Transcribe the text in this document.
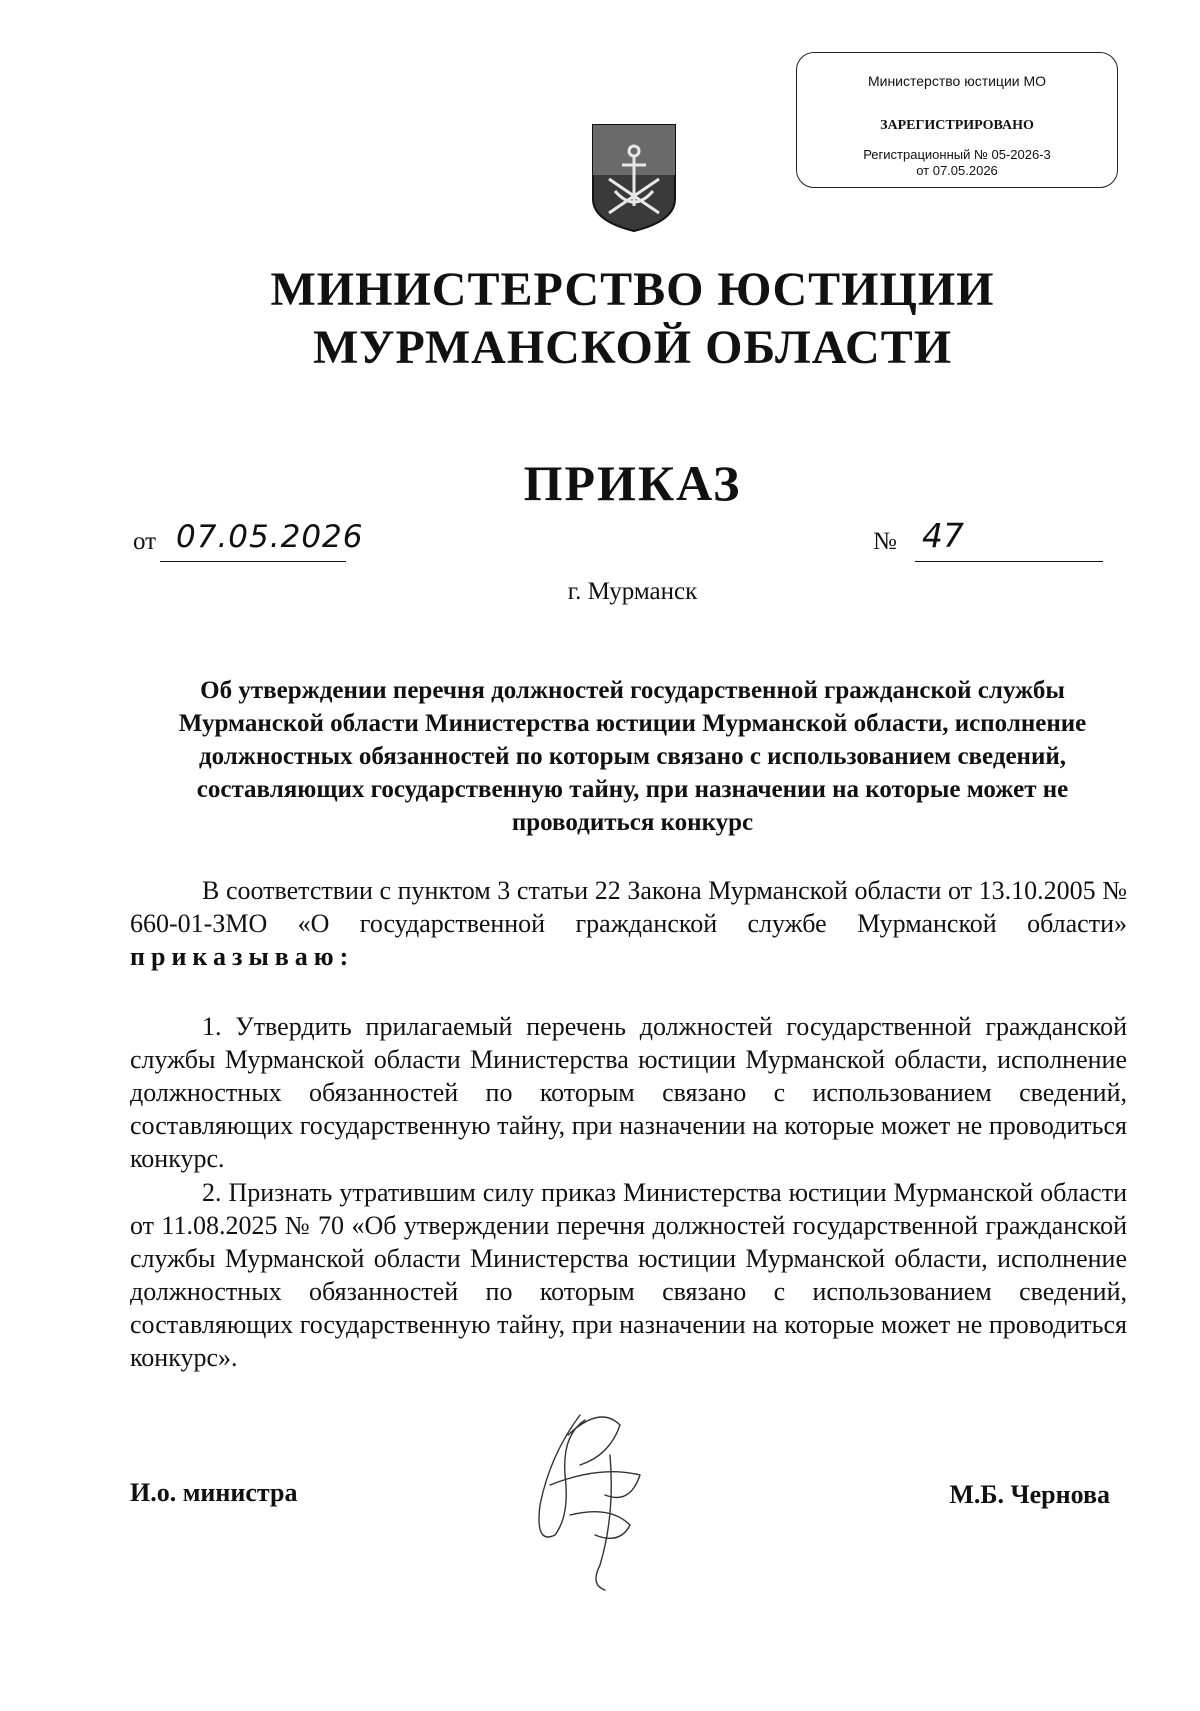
Министерство юстиции МО
ЗАРЕГИСТРИРОВАНО
Регистрационный № 05-2026-3
от 07.05.2026
МИНИСТЕРСТВО ЮСТИЦИИ
МУРМАНСКОЙ ОБЛАСТИ
ПРИКАЗ
от 07.05.2026	№ 47
г. Мурманск
Об утверждении перечня должностей государственной гражданской службы Мурманской области Министерства юстиции Мурманской области, исполнение должностных обязанностей по которым связано с использованием сведений, составляющих государственную тайну, при назначении на которые может не проводиться конкурс

В соответствии с пунктом 3 статьи 22 Закона Мурманской области от 13.10.2005 № 660-01-ЗМО «О государственной гражданской службе Мурманской области» приказываю:

1. Утвердить прилагаемый перечень должностей государственной гражданской службы Мурманской области Министерства юстиции Мурманской области, исполнение должностных обязанностей по которым связано с использованием сведений, составляющих государственную тайну, при назначении на которые может не проводиться конкурс.

2. Признать утратившим силу приказ Министерства юстиции Мурманской области от 11.08.2025 № 70 «Об утверждении перечня должностей государственной гражданской службы Мурманской области Министерства юстиции Мурманской области, исполнение должностных обязанностей по которым связано с использованием сведений, составляющих государственную тайну, при назначении на которые может не проводиться конкурс».

И.о. министра	М.Б. Чернова
